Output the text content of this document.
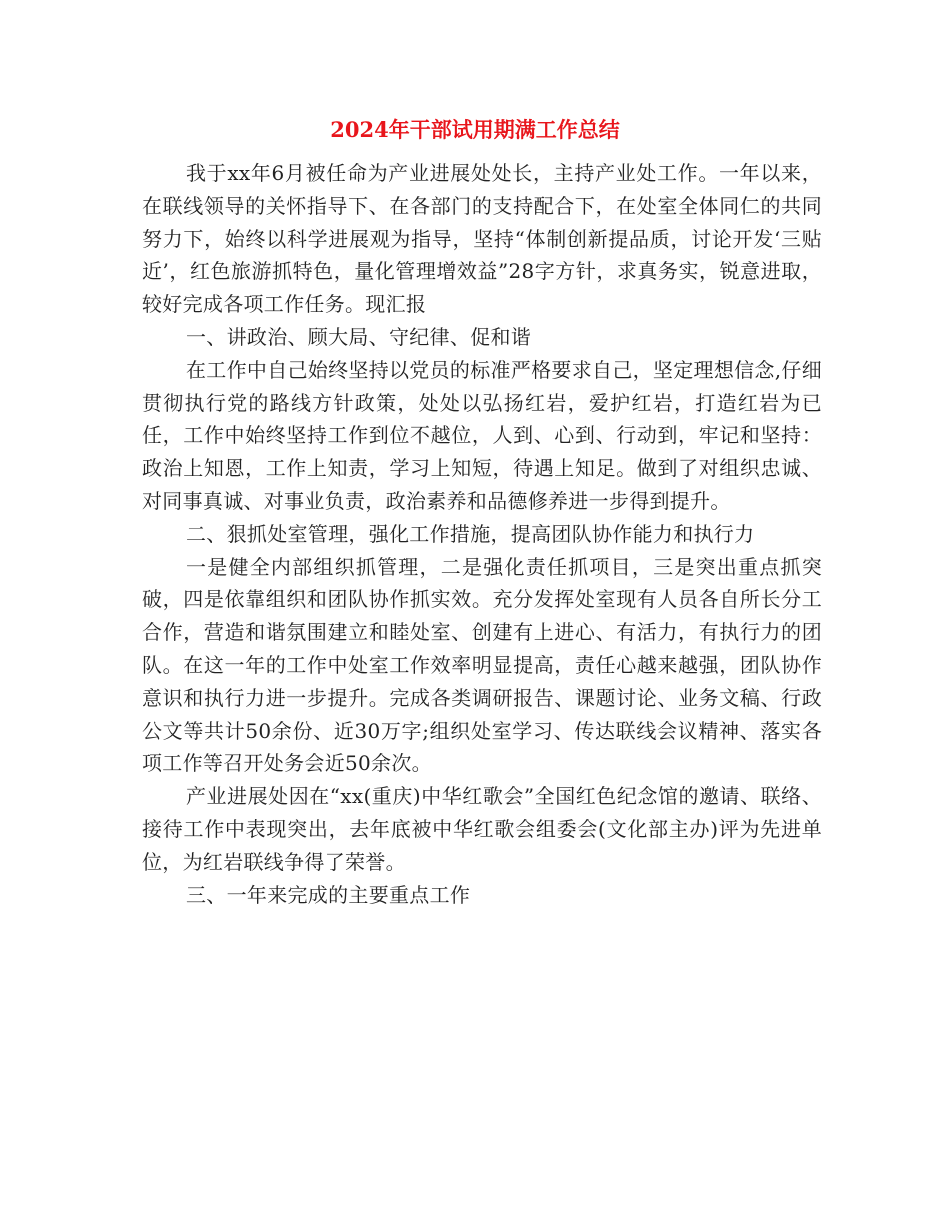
2024年干部试用期满工作总结

我于xx年6月被任命为产业进展处处长，主持产业处工作。一年以来，在联线领导的关怀指导下、在各部门的支持配合下，在处室全体同仁的共同努力下，始终以科学进展观为指导，坚持“体制创新提品质，讨论开发‘三贴近’，红色旅游抓特色，量化管理增效益”28字方针，求真务实，锐意进取，较好完成各项工作任务。现汇报

一、讲政治、顾大局、守纪律、促和谐

在工作中自己始终坚持以党员的标准严格要求自己，坚定理想信念,仔细贯彻执行党的路线方针政策，处处以弘扬红岩，爱护红岩，打造红岩为已任，工作中始终坚持工作到位不越位，人到、心到、行动到，牢记和坚持：政治上知恩，工作上知责，学习上知短，待遇上知足。做到了对组织忠诚、对同事真诚、对事业负责，政治素养和品德修养进一步得到提升。

二、狠抓处室管理，强化工作措施，提高团队协作能力和执行力

一是健全内部组织抓管理，二是强化责任抓项目，三是突出重点抓突破，四是依靠组织和团队协作抓实效。充分发挥处室现有人员各自所长分工合作，营造和谐氛围建立和睦处室、创建有上进心、有活力，有执行力的团队。在这一年的工作中处室工作效率明显提高，责任心越来越强，团队协作意识和执行力进一步提升。完成各类调研报告、课题讨论、业务文稿、行政公文等共计50余份、近30万字;组织处室学习、传达联线会议精神、落实各项工作等召开处务会近50余次。

产业进展处因在“xx(重庆)中华红歌会”全国红色纪念馆的邀请、联络、接待工作中表现突出，去年底被中华红歌会组委会(文化部主办)评为先进单位，为红岩联线争得了荣誉。

三、一年来完成的主要重点工作
